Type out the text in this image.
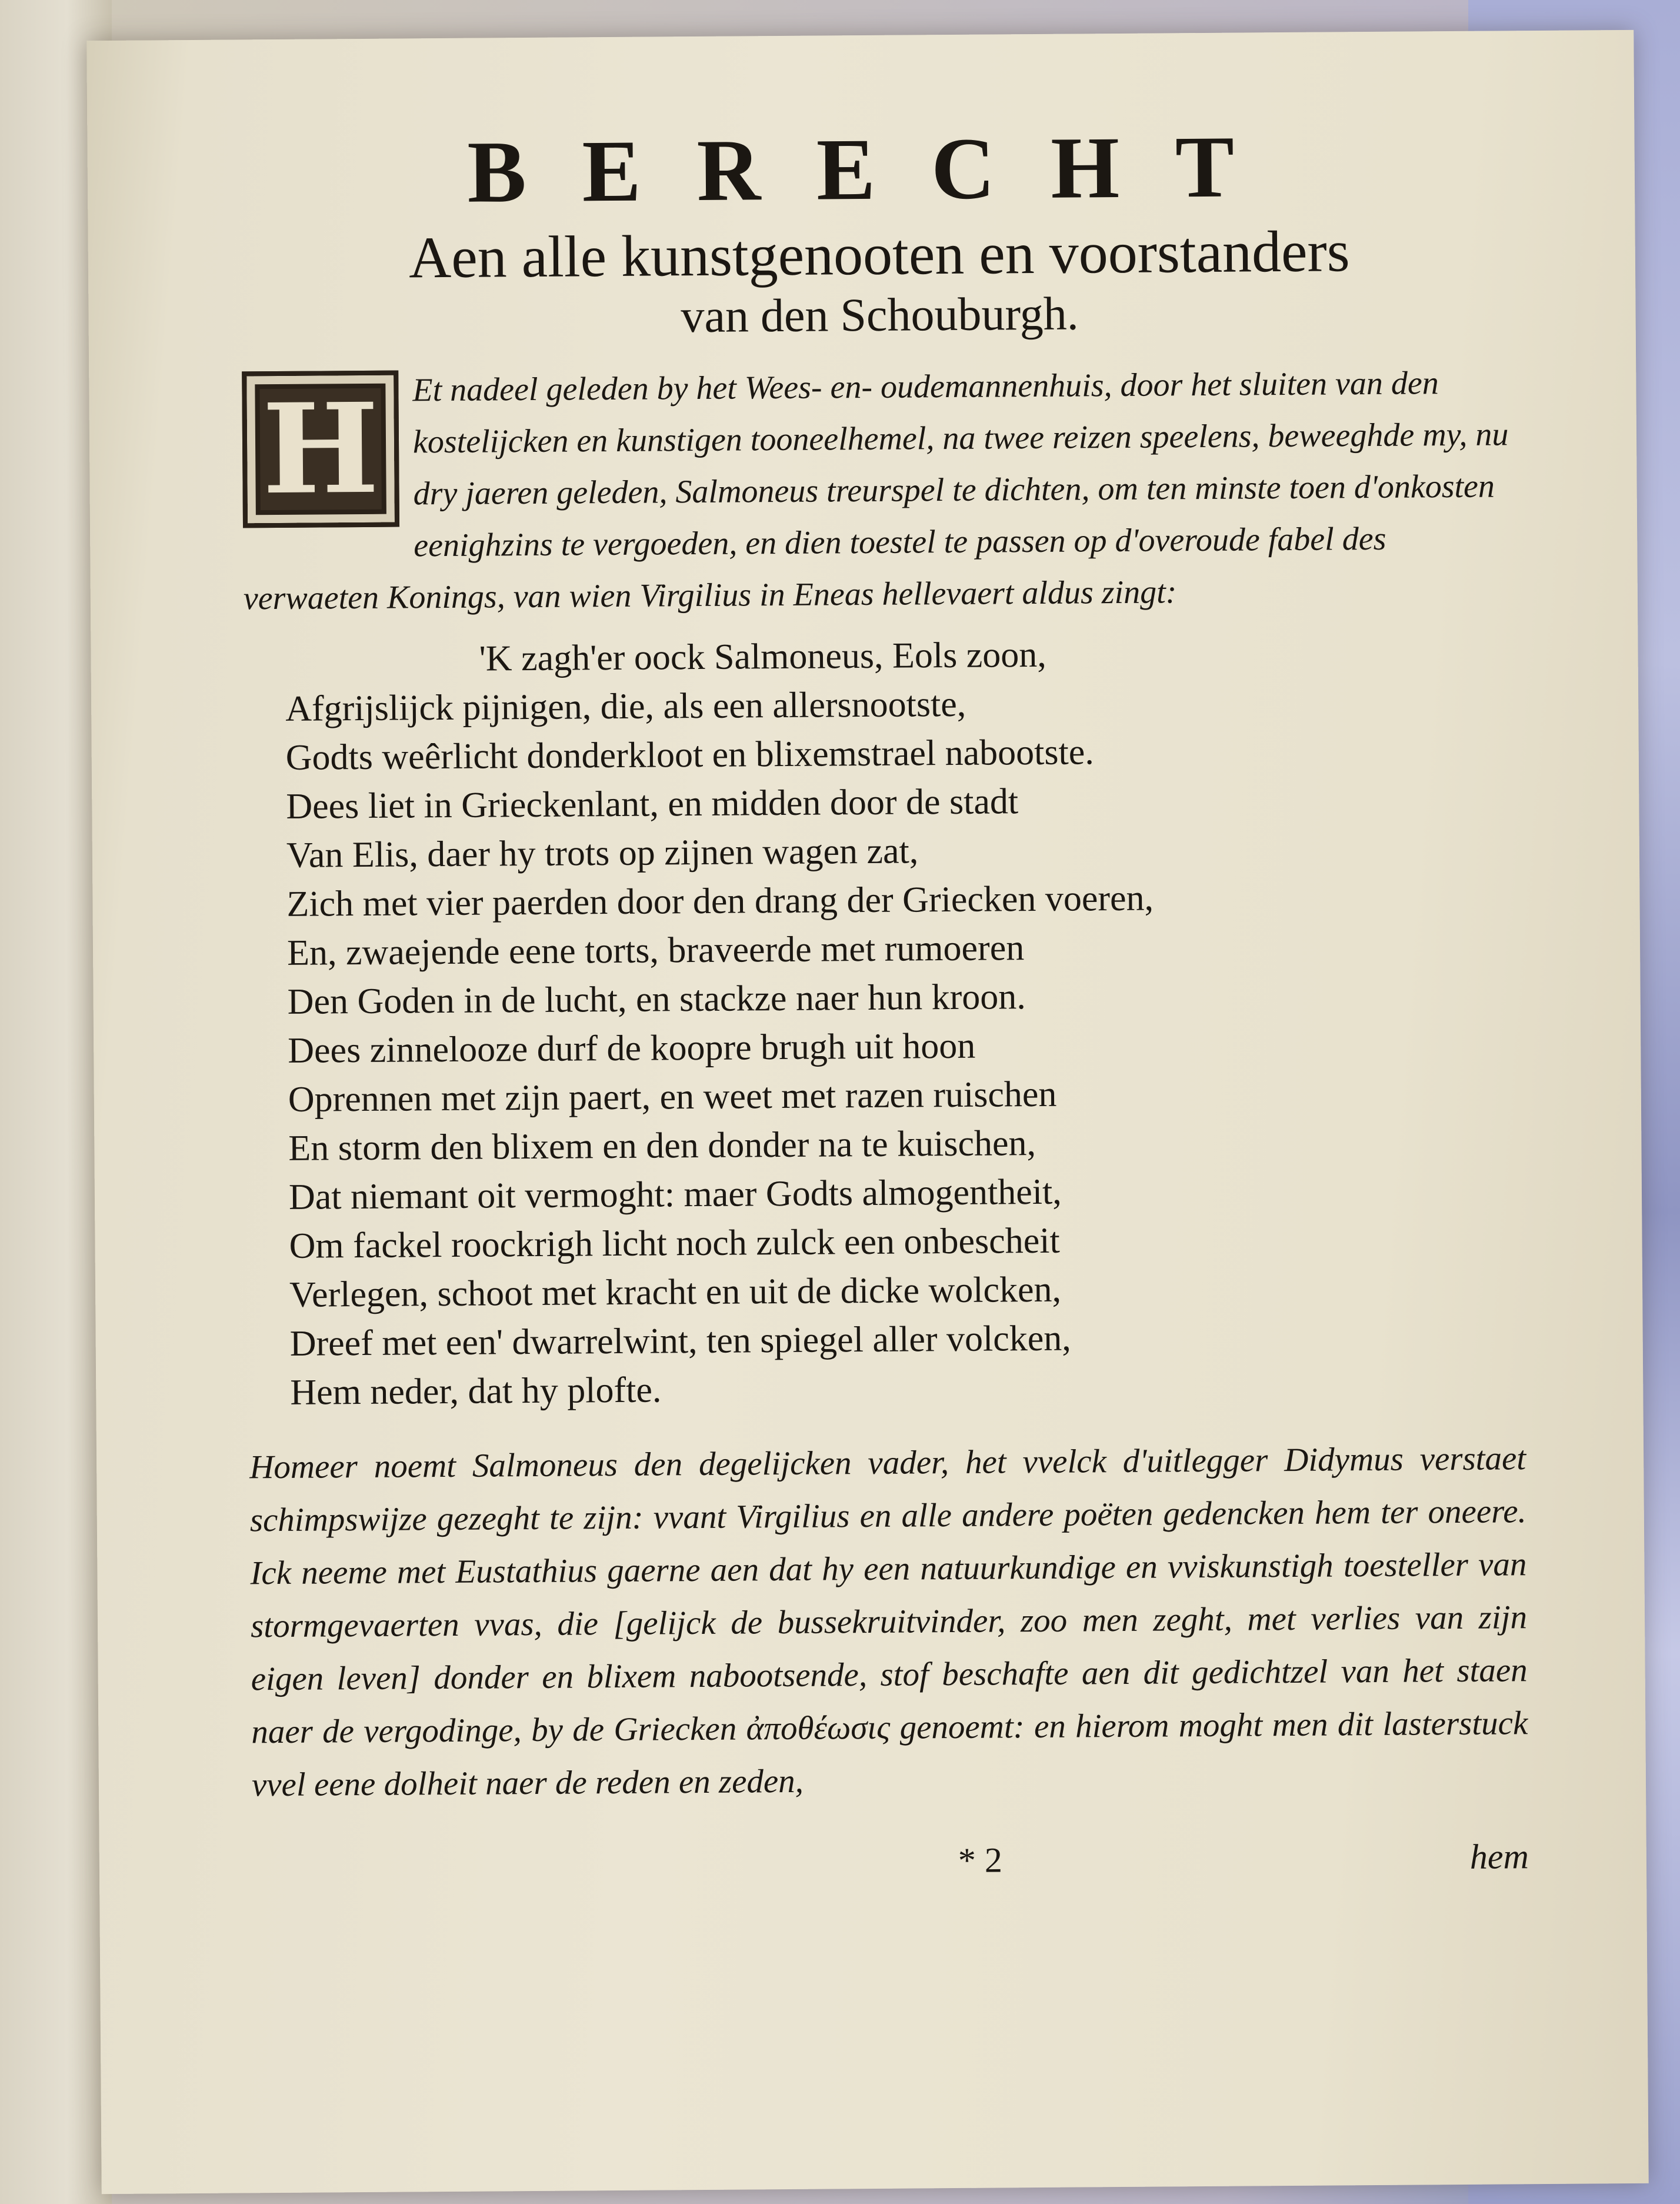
BERECHT

Aen alle kunstgenooten en voorstanders

van den Schouburgh.

H	Et nadeel geleden by het Wees- en- oudemannenhuis, door het sluiten van den kostelijcken en kunstigen tooneelhemel, na twee reizen speelens, beweeghde my, nu dry jaeren geleden, Salmoneus treurspel te dichten, om ten minste toen d'onkosten eenighzins te vergoeden, en dien toestel te passen op d'overoude fabel des verwaeten Konings, van wien Virgilius in Eneas hellevaert aldus zingt:

'K zagh'er oock Salmoneus, Eols zoon,
Afgrijslijck pijnigen, die, als een allersnootste,
Godts weêrlicht donderkloot en blixemstrael nabootste.
Dees liet in Grieckenlant, en midden door de stadt
Van Elis, daer hy trots op zijnen wagen zat,
Zich met vier paerden door den drang der Griecken voeren,
En, zwaejende eene torts, braveerde met rumoeren
Den Goden in de lucht, en stackze naer hun kroon.
Dees zinnelooze durf de koopre brugh uit hoon
Oprennen met zijn paert, en weet met razen ruischen
En storm den blixem en den donder na te kuischen,
Dat niemant oit vermoght: maer Godts almogentheit,
Om fackel roockrigh licht noch zulck een onbescheit
Verlegen, schoot met kracht en uit de dicke wolcken,
Dreef met een' dwarrelwint, ten spiegel aller volcken,
Hem neder, dat hy plofte.

Homeer noemt Salmoneus den degelijcken vader, het vvelck d'uitlegger Didymus verstaet schimpswijze gezeght te zijn: vvant Virgilius en alle andere poëten gedencken hem ter oneere. Ick neeme met Eustathius gaerne aen dat hy een natuurkundige en vviskunstigh toesteller van stormgevaerten vvas, die [gelijck de bussekruitvinder, zoo men zeght, met verlies van zijn eigen leven] donder en blixem nabootsende, stof beschafte aen dit gedichtzel van het staen naer de vergodinge, by de Griecken ἀποθέωσις genoemt: en hierom moght men dit lasterstuck vvel eene dolheit naer de reden en zeden,

* 2	hem
